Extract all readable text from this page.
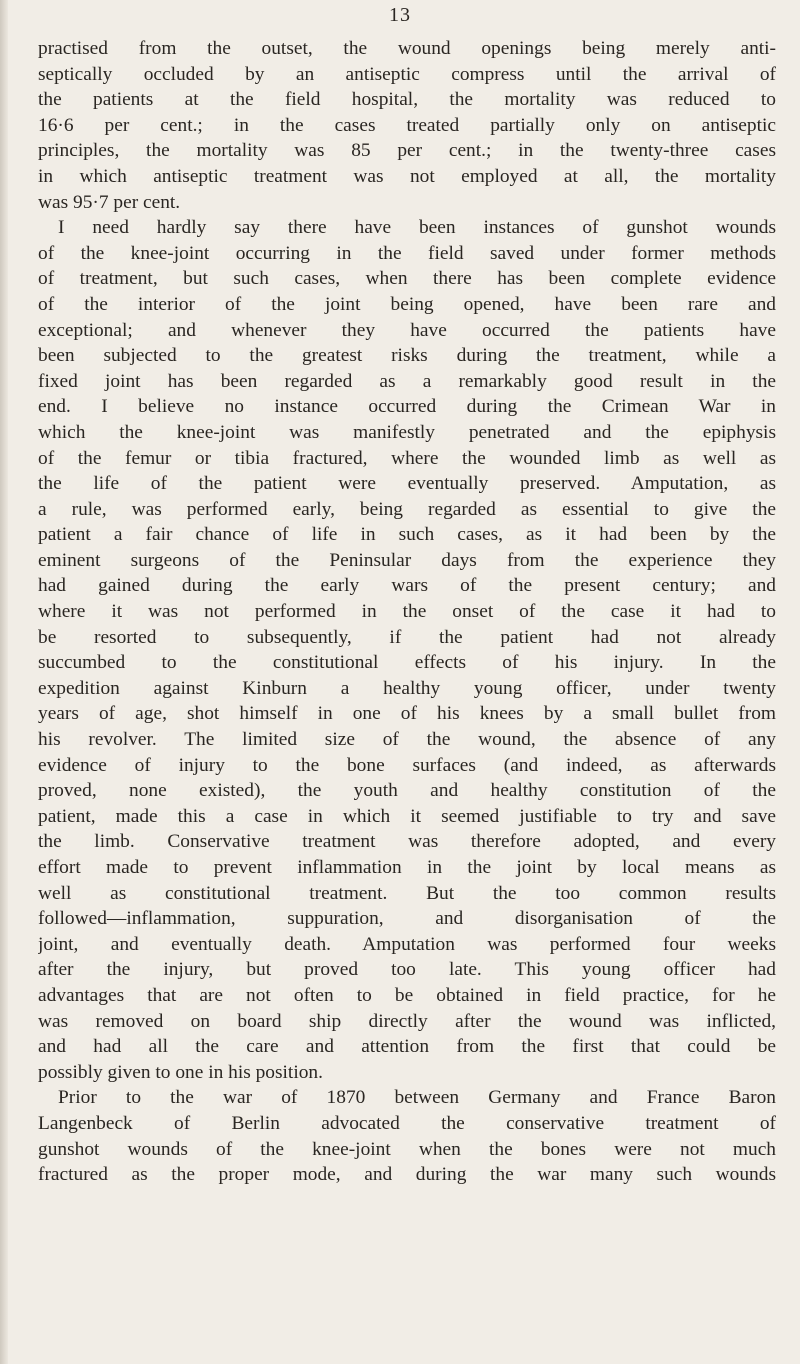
13
practised from the outset, the wound openings being merely anti-
septically occluded by an antiseptic compress until the arrival of
the patients at the field hospital, the mortality was reduced to
16·6 per cent.; in the cases treated partially only on antiseptic
principles, the mortality was 85 per cent.; in the twenty-three cases
in which antiseptic treatment was not employed at all, the mortality
was 95·7 per cent.
I need hardly say there have been instances of gunshot wounds
of the knee-joint occurring in the field saved under former methods
of treatment, but such cases, when there has been complete evidence
of the interior of the joint being opened, have been rare and
exceptional; and whenever they have occurred the patients have
been subjected to the greatest risks during the treatment, while a
fixed joint has been regarded as a remarkably good result in the
end. I believe no instance occurred during the Crimean War in
which the knee-joint was manifestly penetrated and the epiphysis
of the femur or tibia fractured, where the wounded limb as well as
the life of the patient were eventually preserved. Amputation, as
a rule, was performed early, being regarded as essential to give the
patient a fair chance of life in such cases, as it had been by the
eminent surgeons of the Peninsular days from the experience they
had gained during the early wars of the present century; and
where it was not performed in the onset of the case it had to
be resorted to subsequently, if the patient had not already
succumbed to the constitutional effects of his injury. In the
expedition against Kinburn a healthy young officer, under twenty
years of age, shot himself in one of his knees by a small bullet from
his revolver. The limited size of the wound, the absence of any
evidence of injury to the bone surfaces (and indeed, as afterwards
proved, none existed), the youth and healthy constitution of the
patient, made this a case in which it seemed justifiable to try and save
the limb. Conservative treatment was therefore adopted, and every
effort made to prevent inflammation in the joint by local means as
well as constitutional treatment. But the too common results
followed—inflammation, suppuration, and disorganisation of the
joint, and eventually death. Amputation was performed four weeks
after the injury, but proved too late. This young officer had
advantages that are not often to be obtained in field practice, for he
was removed on board ship directly after the wound was inflicted,
and had all the care and attention from the first that could be
possibly given to one in his position.
Prior to the war of 1870 between Germany and France Baron
Langenbeck of Berlin advocated the conservative treatment of
gunshot wounds of the knee-joint when the bones were not much
fractured as the proper mode, and during the war many such wounds
